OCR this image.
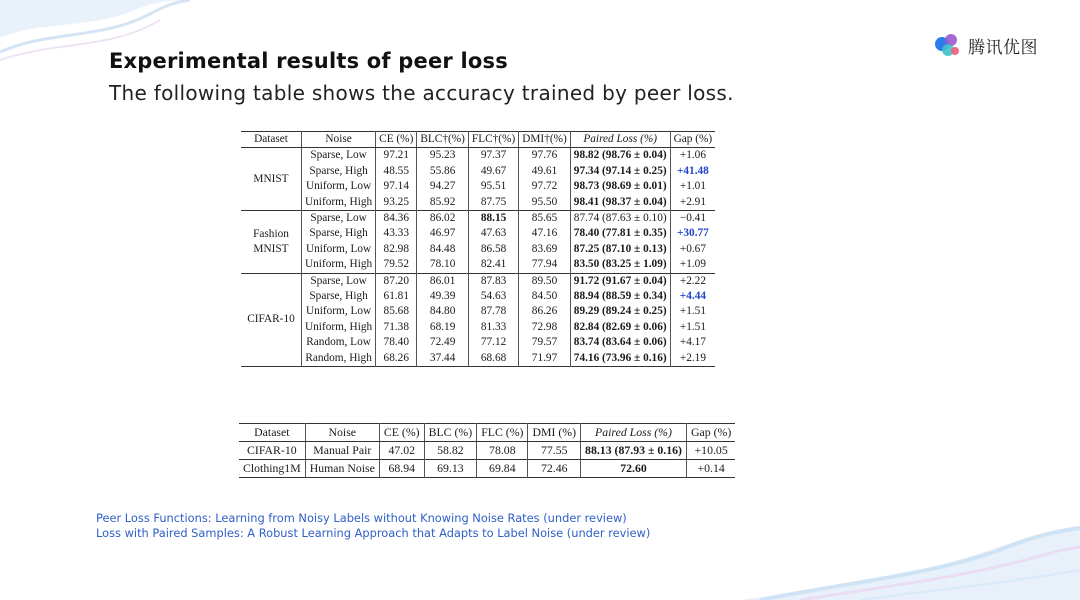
腾讯优图
Experimental results of peer loss
The following table shows the accuracy trained by peer loss.
Dataset	Noise	CE (%)	BLC†(%)	FLC†(%)	DMI†(%)	Paired Loss (%)	Gap (%)
MNIST	Sparse, Low	97.21	95.23	97.37	97.76	98.82 (98.76 ± 0.04)	+1.06
	Sparse, High	48.55	55.86	49.67	49.61	97.34 (97.14 ± 0.25)	+41.48
	Uniform, Low	97.14	94.27	95.51	97.72	98.73 (98.69 ± 0.01)	+1.01
	Uniform, High	93.25	85.92	87.75	95.50	98.41 (98.37 ± 0.04)	+2.91
Fashion MNIST	Sparse, Low	84.36	86.02	88.15	85.65	87.74 (87.63 ± 0.10)	−0.41
	Sparse, High	43.33	46.97	47.63	47.16	78.40 (77.81 ± 0.35)	+30.77
	Uniform, Low	82.98	84.48	86.58	83.69	87.25 (87.10 ± 0.13)	+0.67
	Uniform, High	79.52	78.10	82.41	77.94	83.50 (83.25 ± 1.09)	+1.09
CIFAR-10	Sparse, Low	87.20	86.01	87.83	89.50	91.72 (91.67 ± 0.04)	+2.22
	Sparse, High	61.81	49.39	54.63	84.50	88.94 (88.59 ± 0.34)	+4.44
	Uniform, Low	85.68	84.80	87.78	86.26	89.29 (89.24 ± 0.25)	+1.51
	Uniform, High	71.38	68.19	81.33	72.98	82.84 (82.69 ± 0.06)	+1.51
	Random, Low	78.40	72.49	77.12	79.57	83.74 (83.64 ± 0.06)	+4.17
	Random, High	68.26	37.44	68.68	71.97	74.16 (73.96 ± 0.16)	+2.19
Dataset	Noise	CE (%)	BLC (%)	FLC (%)	DMI (%)	Paired Loss (%)	Gap (%)
CIFAR-10	Manual Pair	47.02	58.82	78.08	77.55	88.13 (87.93 ± 0.16)	+10.05
Clothing1M	Human Noise	68.94	69.13	69.84	72.46	72.60	+0.14
Peer Loss Functions: Learning from Noisy Labels without Knowing Noise Rates (under review)
Loss with Paired Samples: A Robust Learning Approach that Adapts to Label Noise (under review)
